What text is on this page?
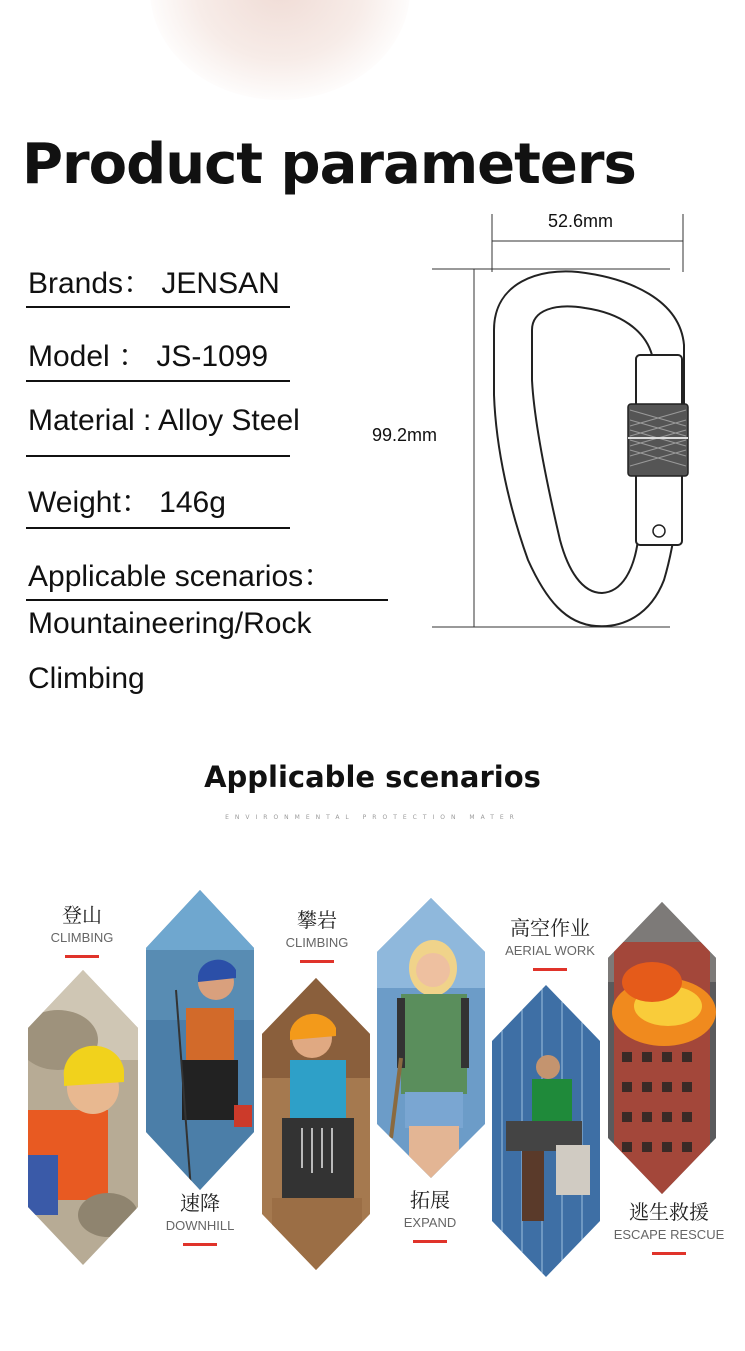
Product parameters
Brands： JENSAN
Model ： JS-1099
Material : Alloy Steel
Weight： 146g
Applicable scenarios：
Mountaineering/Rock
Climbing
52.6mm
99.2mm
Applicable scenarios
ENVIRONMENTAL PROTECTION MATER
登山
CLIMBING
速降
DOWNHILL
攀岩
CLIMBING
拓展
EXPAND
高空作业
AERIAL WORK
逃生救援
ESCAPE RESCUE
